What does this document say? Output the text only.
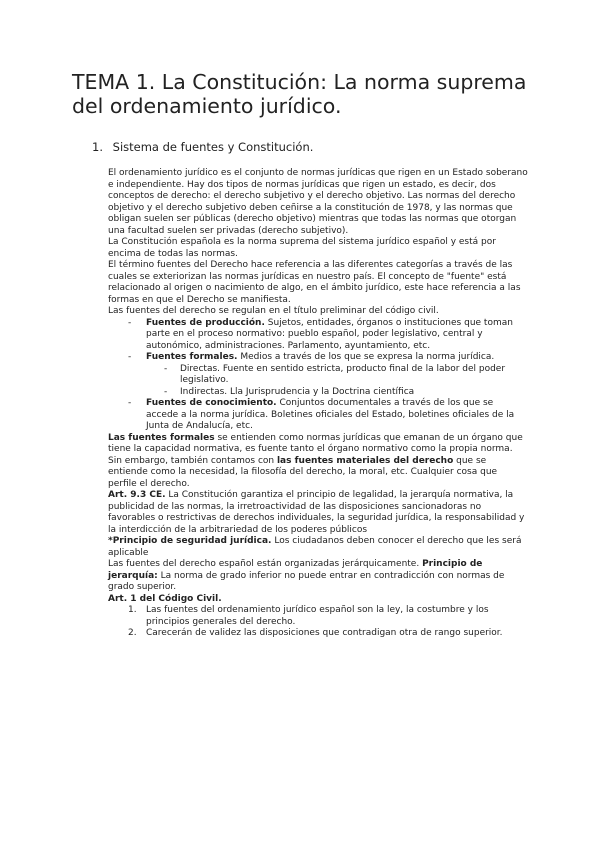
TEMA 1. La Constitución: La norma suprema del ordenamiento jurídico.
1. Sistema de fuentes y Constitución.

El ordenamiento jurídico es el conjunto de normas jurídicas que rigen en un Estado soberano e independiente. Hay dos tipos de normas jurídicas que rigen un estado, es decir, dos conceptos de derecho: el derecho subjetivo y el derecho objetivo. Las normas del derecho objetivo y el derecho subjetivo deben ceñirse a la constitución de 1978, y las normas que obligan suelen ser públicas (derecho objetivo) mientras que todas las normas que otorgan una facultad suelen ser privadas (derecho subjetivo).

La Constitución española es la norma suprema del sistema jurídico español y está por encima de todas las normas.

El término fuentes del Derecho hace referencia a las diferentes categorías a través de las cuales se exteriorizan las normas jurídicas en nuestro país. El concepto de "fuente" está relacionado al origen o nacimiento de algo, en el ámbito jurídico, este hace referencia a las formas en que el Derecho se manifiesta.

Las fuentes del derecho se regulan en el título preliminar del código civil.

- Fuentes de producción. Sujetos, entidades, órganos o instituciones que toman parte en el proceso normativo: pueblo español, poder legislativo, central y autonómico, administraciones. Parlamento, ayuntamiento, etc.

- Fuentes formales. Medios a través de los que se expresa la norma jurídica.

- Directas. Fuente en sentido estricta, producto final de la labor del poder legislativo.

- Indirectas. Lla Jurisprudencia y la Doctrina científica

- Fuentes de conocimiento. Conjuntos documentales a través de los que se accede a la norma jurídica. Boletines oficiales del Estado, boletines oficiales de la Junta de Andalucía, etc.

Las fuentes formales se entienden como normas jurídicas que emanan de un órgano que tiene la capacidad normativa, es fuente tanto el órgano normativo como la propia norma. Sin embargo, también contamos con las fuentes materiales del derecho que se entiende como la necesidad, la filosofía del derecho, la moral, etc. Cualquier cosa que perfile el derecho.

Art. 9.3 CE. La Constitución garantiza el principio de legalidad, la jerarquía normativa, la publicidad de las normas, la irretroactividad de las disposiciones sancionadoras no favorables o restrictivas de derechos individuales, la seguridad jurídica, la responsabilidad y la interdicción de la arbitrariedad de los poderes públicos

*Principio de seguridad jurídica. Los ciudadanos deben conocer el derecho que les será aplicable

Las fuentes del derecho español están organizadas jerárquicamente. Principio de jerarquía: La norma de grado inferior no puede entrar en contradicción con normas de grado superior.

Art. 1 del Código Civil.

1. Las fuentes del ordenamiento jurídico español son la ley, la costumbre y los principios generales del derecho.

2. Carecerán de validez las disposiciones que contradigan otra de rango superior.
